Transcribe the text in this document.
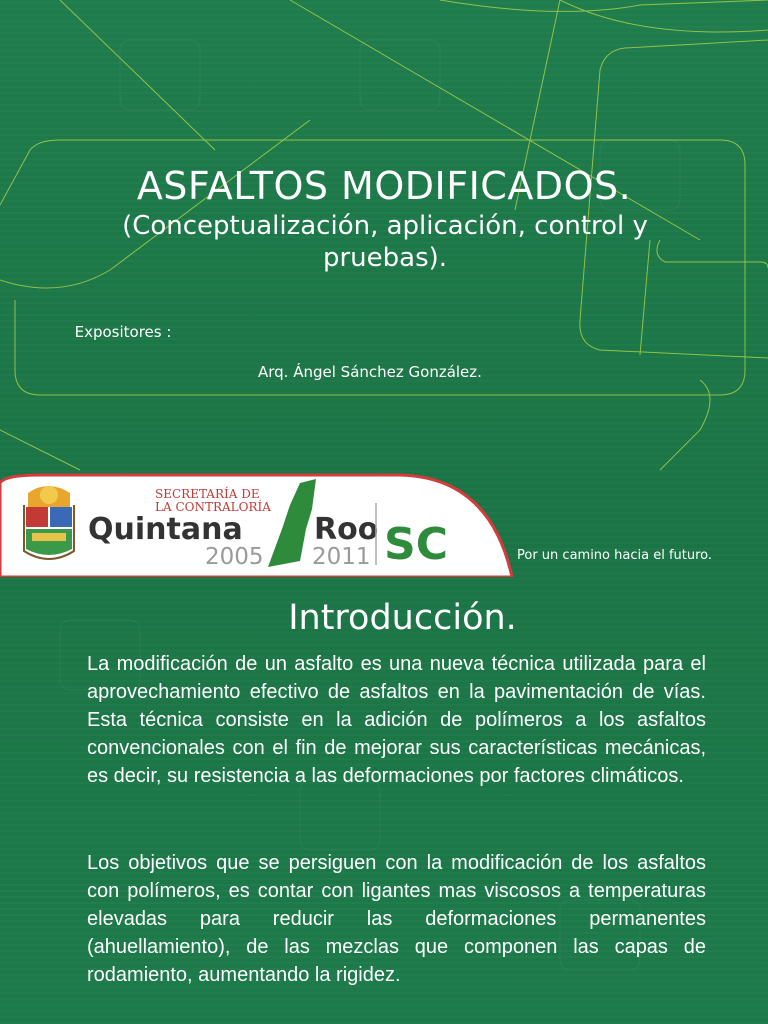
ASFALTOS MODIFICADOS.
(Conceptualización, aplicación, control y pruebas).
Expositores :
Arq. Ángel Sánchez González.
SECRETARÍA DE
LA CONTRALORÍA
Quintana Roo
2005 2011 SC	Por un camino hacia el futuro.
Introducción.

La modificación de un asfalto es una nueva técnica utilizada para el aprovechamiento efectivo de asfaltos en la pavimentación de vías. Esta técnica consiste en la adición de polímeros a los asfaltos convencionales con el fin de mejorar sus características mecánicas, es decir, su resistencia a las deformaciones por factores climáticos.

Los objetivos que se persiguen con la modificación de los asfaltos con polímeros, es contar con ligantes mas viscosos a temperaturas elevadas para reducir las deformaciones permanentes (ahuellamiento), de las mezclas que componen las capas de rodamiento, aumentando la rigidez.
